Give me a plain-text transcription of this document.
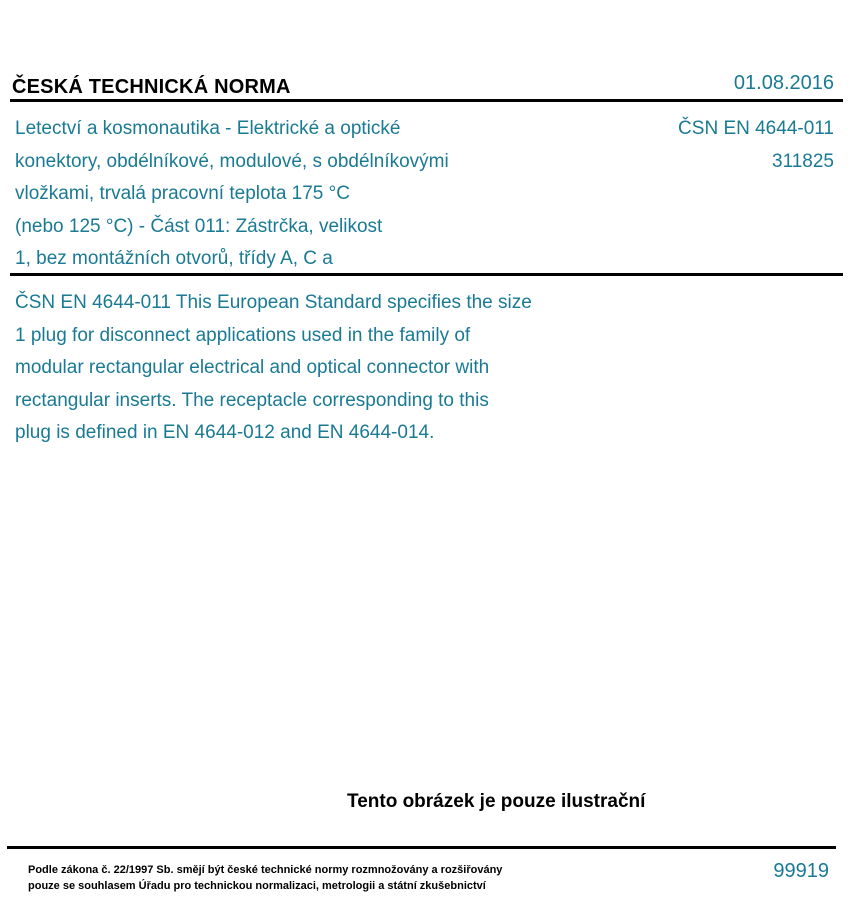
ČESKÁ TECHNICKÁ NORMA	01.08.2016
Letectví a kosmonautika - Elektrické a optické
konektory, obdélníkové, modulové, s obdélníkovými
vložkami, trvalá pracovní teplota 175 °C
(nebo 125 °C) - Část 011: Zástrčka, velikost
1, bez montážních otvorů, třídy A, C a
ČSN EN 4644-011
311825
ČSN EN 4644-011 This European Standard specifies the size
1 plug for disconnect applications used in the family of
modular rectangular electrical and optical connector with
rectangular inserts. The receptacle corresponding to this
plug is defined in EN 4644-012 and EN 4644-014.
Tento obrázek je pouze ilustrační
Podle zákona č. 22/1997 Sb. smějí být české technické normy rozmnožovány a rozšiřovány
pouze se souhlasem Úřadu pro technickou normalizaci, metrologii a státní zkušebnictví
99919
